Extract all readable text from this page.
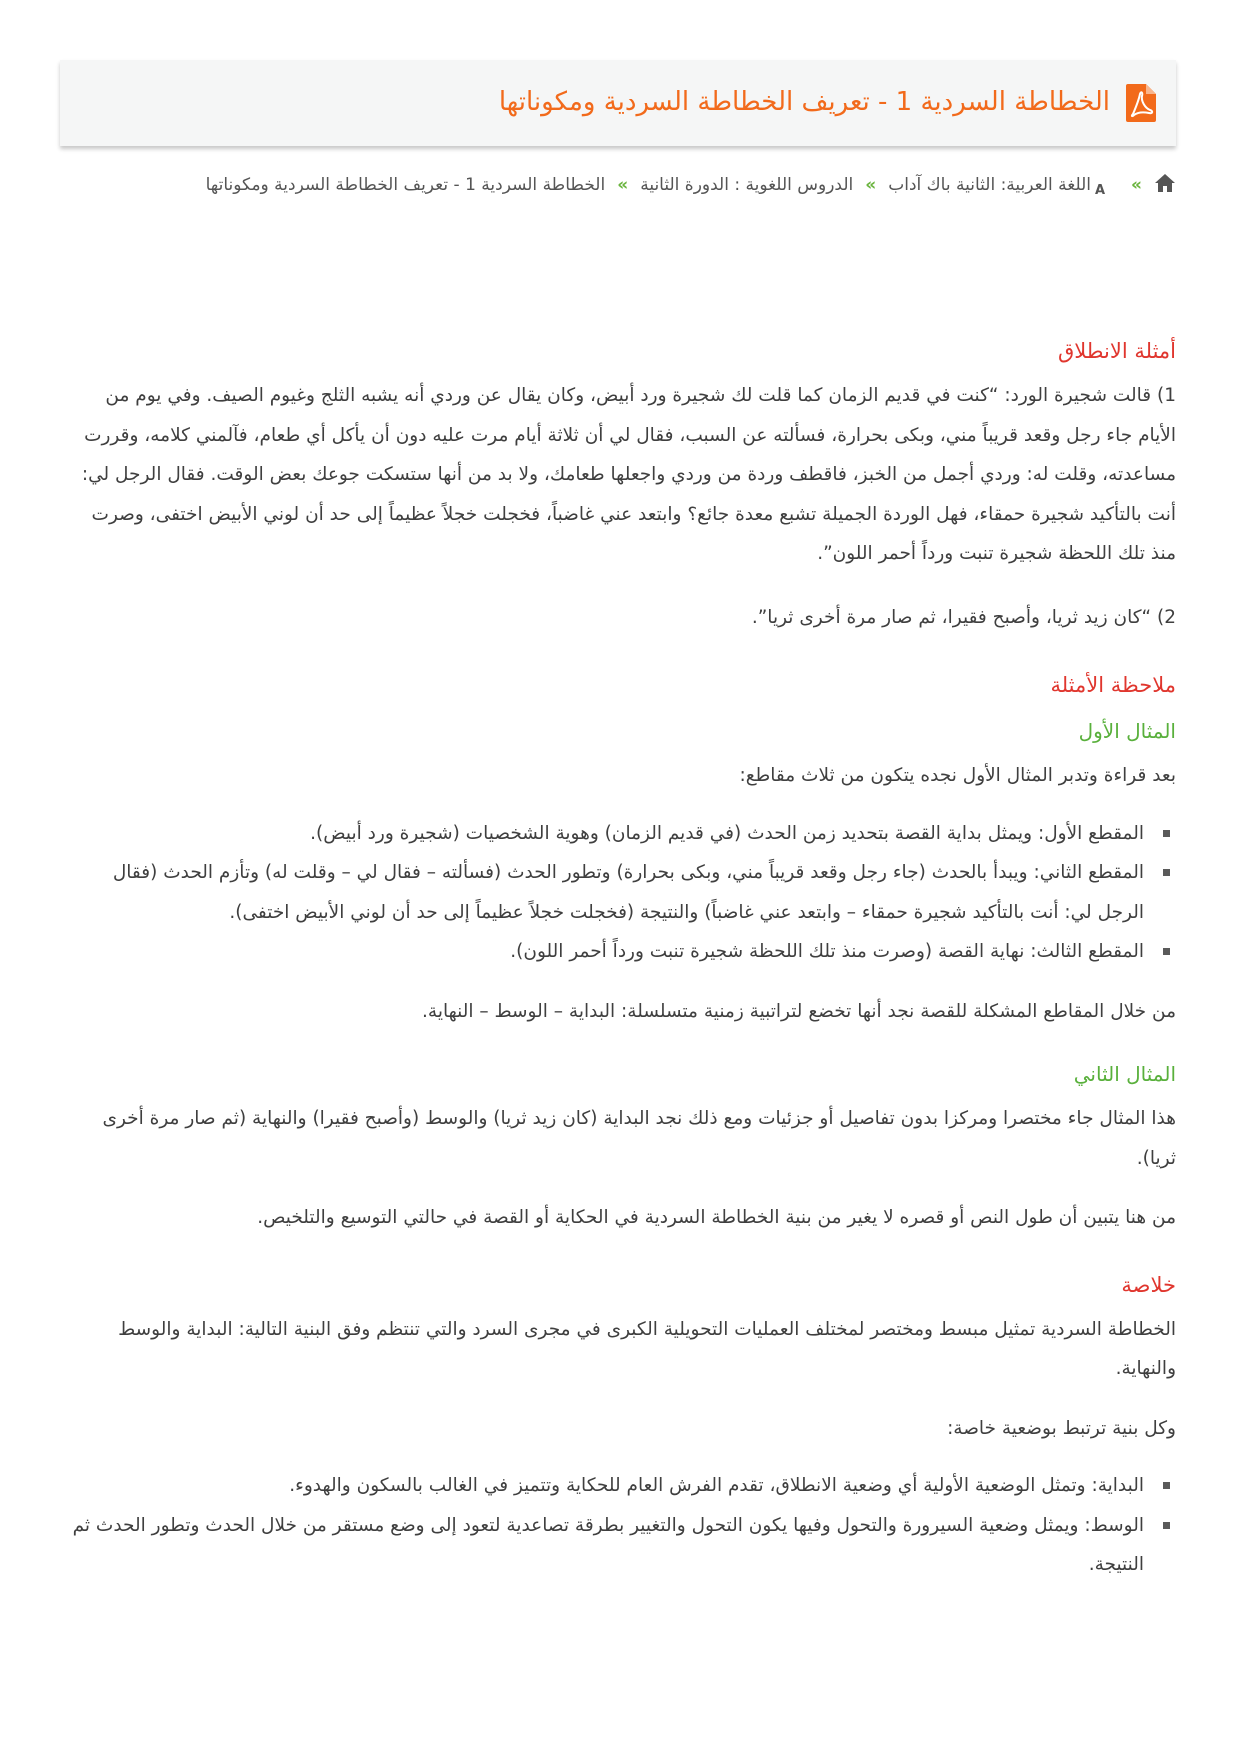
الخطاطة السردية 1 - تعريف الخطاطة السردية ومكوناتها
»
A
اللغة العربية: الثانية باك آداب»الدروس اللغوية : الدورة الثانية»الخطاطة السردية 1 - تعريف الخطاطة السردية ومكوناتها
أمثلة الانطلاق

1) قالت شجيرة الورد: “كنت في قديم الزمان كما قلت لك شجيرة ورد أبيض، وكان يقال عن وردي أنه يشبه الثلج وغيوم الصيف. وفي يوم من الأيام جاء رجل وقعد قريباً مني، وبكى بحرارة، فسألته عن السبب، فقال لي أن ثلاثة أيام مرت عليه دون أن يأكل أي طعام، فآلمني كلامه، وقررت مساعدته، وقلت له: وردي أجمل من الخبز، فاقطف وردة من وردي واجعلها طعامك، ولا بد من أنها ستسكت جوعك بعض الوقت. فقال الرجل لي: أنت بالتأكيد شجيرة حمقاء، فهل الوردة الجميلة تشبع معدة جائع؟ وابتعد عني غاضباً، فخجلت خجلاً عظيماً إلى حد أن لوني الأبيض اختفى، وصرت منذ تلك اللحظة شجيرة تنبت ورداً أحمر اللون”.

2) “كان زيد ثريا، وأصبح فقيرا، ثم صار مرة أخرى ثريا”.

ملاحظة الأمثلة
المثال الأول

بعد قراءة وتدبر المثال الأول نجده يتكون من ثلاث مقاطع:

المقطع الأول: ويمثل بداية القصة بتحديد زمن الحدث (في قديم الزمان) وهوية الشخصيات (شجيرة ورد أبيض).
المقطع الثاني: ويبدأ بالحدث (جاء رجل وقعد قريباً مني، وبكى بحرارة) وتطور الحدث (فسألته – فقال لي – وقلت له) وتأزم الحدث (فقال الرجل لي: أنت بالتأكيد شجيرة حمقاء – وابتعد عني غاضباً) والنتيجة (فخجلت خجلاً عظيماً إلى حد أن لوني الأبيض اختفى).
المقطع الثالث: نهاية القصة (وصرت منذ تلك اللحظة شجيرة تنبت ورداً أحمر اللون).

من خلال المقاطع المشكلة للقصة نجد أنها تخضع لتراتبية زمنية متسلسلة: البداية – الوسط – النهاية.

المثال الثاني

هذا المثال جاء مختصرا ومركزا بدون تفاصيل أو جزئيات ومع ذلك نجد البداية (كان زيد ثريا) والوسط (وأصبح فقيرا) والنهاية (ثم صار مرة أخرى ثريا).

من هنا يتبين أن طول النص أو قصره لا يغير من بنية الخطاطة السردية في الحكاية أو القصة في حالتي التوسيع والتلخيص.

خلاصة

الخطاطة السردية تمثيل مبسط ومختصر لمختلف العمليات التحويلية الكبرى في مجرى السرد والتي تنتظم وفق البنية التالية: البداية والوسط والنهاية.

وكل بنية ترتبط بوضعية خاصة:

البداية: وتمثل الوضعية الأولية أي وضعية الانطلاق، تقدم الفرش العام للحكاية وتتميز في الغالب بالسكون والهدوء.
الوسط: ويمثل وضعية السيرورة والتحول وفيها يكون التحول والتغيير بطرقة تصاعدية لتعود إلى وضع مستقر من خلال الحدث وتطور الحدث ثم النتيجة.
